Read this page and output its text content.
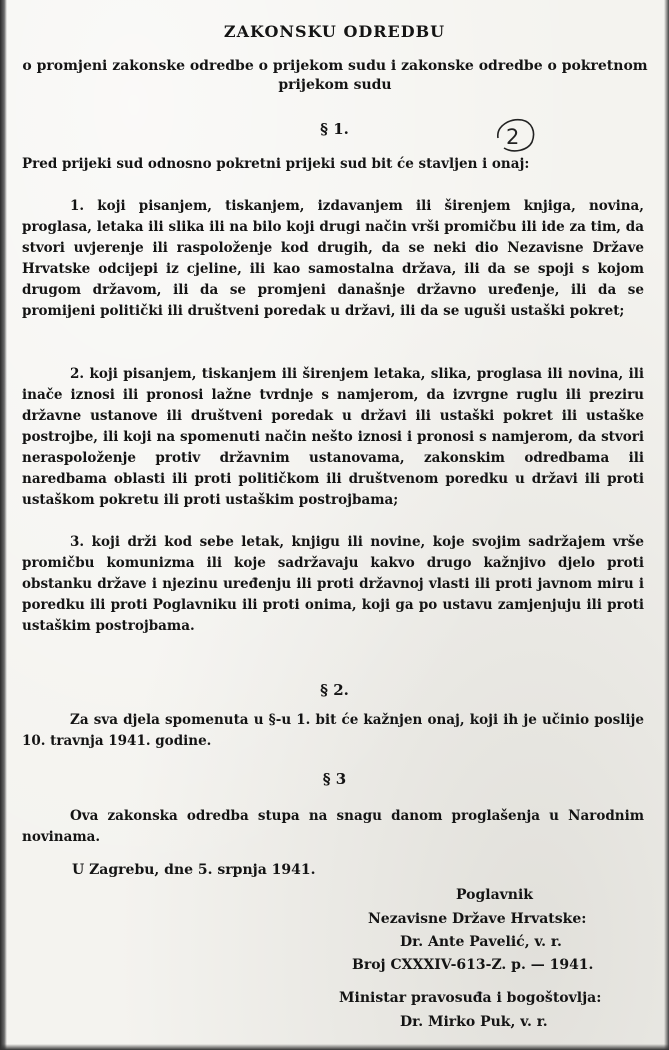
ZAKONSKU ODREDBU

o promjeni zakonske odredbe o prijekom sudu i zakonske odredbe o pokretnom prijekom sudu

2

§ 1.

Pred prijeki sud odnosno pokretni prijeki sud bit će stavljen i onaj:

1. koji pisanjem, tiskanjem, izdavanjem ili širenjem knjiga, novina, proglasa, letaka ili slika ili na bilo koji drugi način vrši promičbu ili ide za tim, da stvori uvjerenje ili raspoloženje kod drugih, da se neki dio Nezavisne Države Hrvatske odcijepi iz cjeline, ili kao samostalna država, ili da se spoji s kojom drugom državom, ili da se promjeni današnje državno uređenje, ili da se promijeni politički ili društveni poredak u državi, ili da se uguši ustaški pokret;

2. koji pisanjem, tiskanjem ili širenjem letaka, slika, proglasa ili novina, ili inače iznosi ili pronosi lažne tvrdnje s namjerom, da izvrgne ruglu ili preziru državne ustanove ili društveni poredak u državi ili ustaški pokret ili ustaške postrojbe, ili koji na spomenuti način nešto iznosi i pronosi s namjerom, da stvori neraspoloženje protiv državnim ustanovama, zakonskim odredbama ili naredbama oblasti ili proti političkom ili društvenom poredku u državi ili proti ustaškom pokretu ili proti ustaškim postrojbama;

3. koji drži kod sebe letak, knjigu ili novine, koje svojim sadržajem vrše promičbu komunizma ili koje sadržavaju kakvo drugo kažnjivo djelo proti obstanku države i njezinu uređenju ili proti državnoj vlasti ili proti javnom miru i poredku ili proti Poglavniku ili proti onima, koji ga po ustavu zamjenjuju ili proti ustaškim postrojbama.

§ 2.

Za sva djela spomenuta u §-u 1. bit će kažnjen onaj, koji ih je učinio poslije 10. travnja 1941. godine.

§ 3

Ova zakonska odredba stupa na snagu danom proglašenja u Narodnim novinama.

U Zagrebu, dne 5. srpnja 1941.

Poglavnik

Nezavisne Države Hrvatske:

Dr. Ante Pavelić, v. r.

Broj CXXXIV-613-Z. p. — 1941.

Ministar pravosuđa i bogoštovlja:

Dr. Mirko Puk, v. r.
